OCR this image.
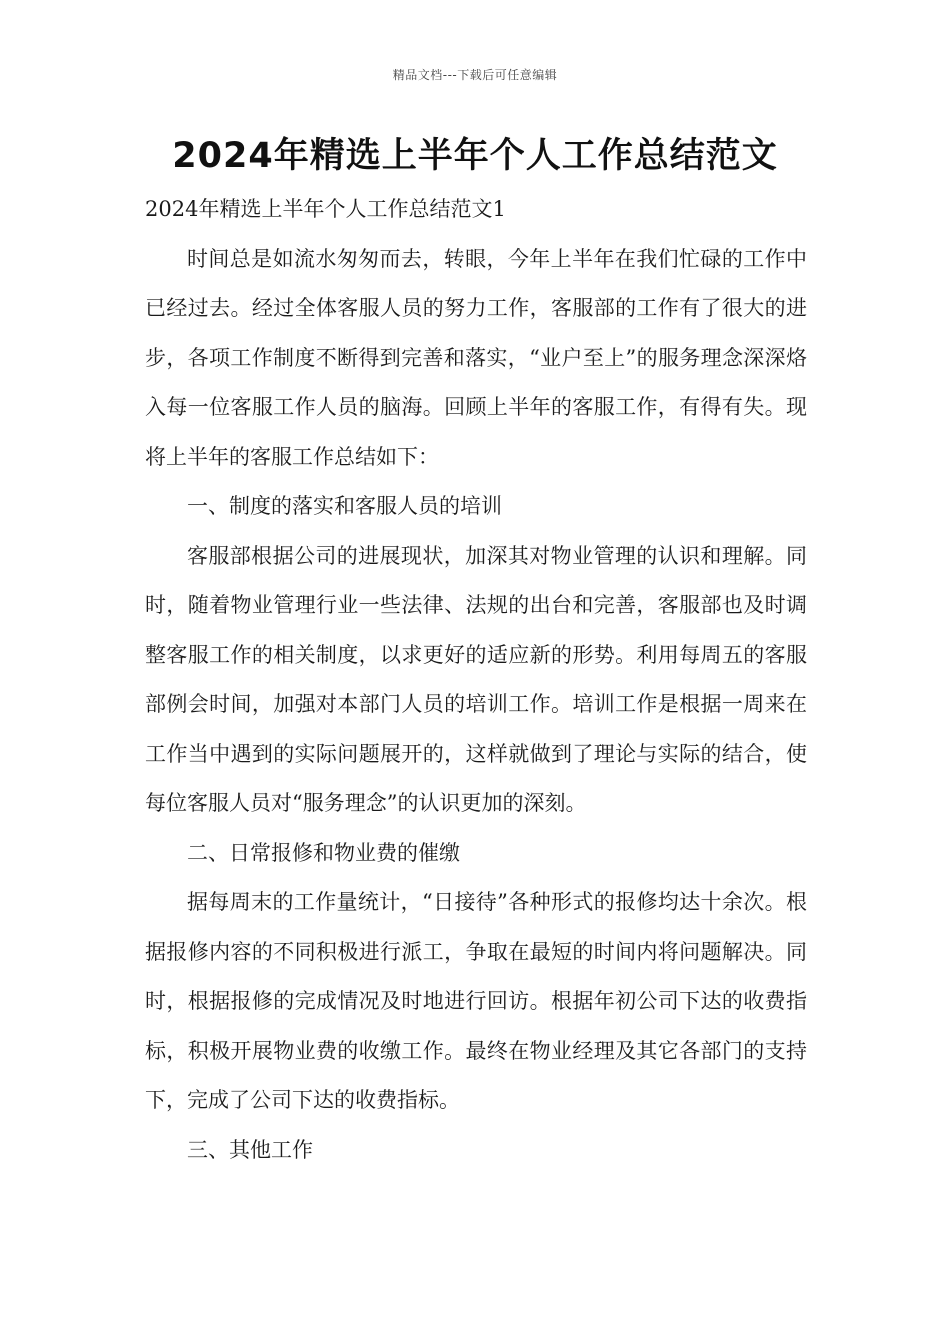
精品文档---下载后可任意编辑
2024年精选上半年个人工作总结范文

2024年精选上半年个人工作总结范文1

时间总是如流水匆匆而去，转眼，今年上半年在我们忙碌的工作中已经过去。经过全体客服人员的努力工作，客服部的工作有了很大的进步，各项工作制度不断得到完善和落实，“业户至上”的服务理念深深烙入每一位客服工作人员的脑海。回顾上半年的客服工作，有得有失。现将上半年的客服工作总结如下：

一、制度的落实和客服人员的培训

客服部根据公司的进展现状，加深其对物业管理的认识和理解。同时，随着物业管理行业一些法律、法规的出台和完善，客服部也及时调整客服工作的相关制度，以求更好的适应新的形势。利用每周五的客服部例会时间，加强对本部门人员的培训工作。培训工作是根据一周来在工作当中遇到的实际问题展开的，这样就做到了理论与实际的结合，使每位客服人员对“服务理念”的认识更加的深刻。

二、日常报修和物业费的催缴

据每周末的工作量统计，“日接待”各种形式的报修均达十余次。根据报修内容的不同积极进行派工，争取在最短的时间内将问题解决。同时，根据报修的完成情况及时地进行回访。根据年初公司下达的收费指标，积极开展物业费的收缴工作。最终在物业经理及其它各部门的支持下，完成了公司下达的收费指标。

三、其他工作
